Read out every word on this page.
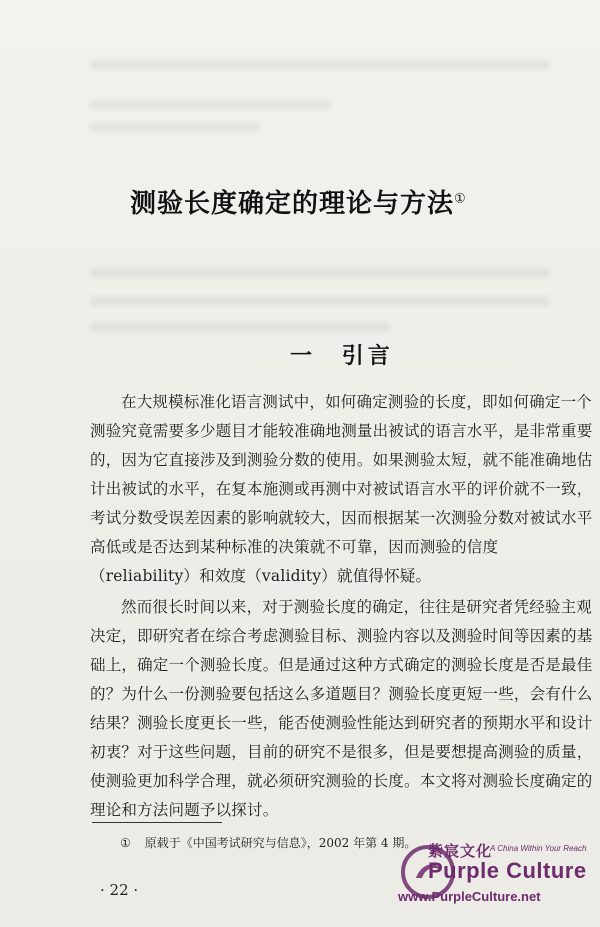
测验长度确定的理论与方法①
一 引言

在大规模标准化语言测试中，如何确定测验的长度，即如何确定一个测验究竟需要多少题目才能较准确地测量出被试的语言水平，是非常重要的，因为它直接涉及到测验分数的使用。如果测验太短，就不能准确地估计出被试的水平，在复本施测或再测中对被试语言水平的评价就不一致，考试分数受误差因素的影响就较大，因而根据某一次测验分数对被试水平高低或是否达到某种标准的决策就不可靠，因而测验的信度（reliability）和效度（validity）就值得怀疑。

然而很长时间以来，对于测验长度的确定，往往是研究者凭经验主观决定，即研究者在综合考虑测验目标、测验内容以及测验时间等因素的基础上，确定一个测验长度。但是通过这种方式确定的测验长度是否是最佳的？为什么一份测验要包括这么多道题目？测验长度更短一些，会有什么结果？测验长度更长一些，能否使测验性能达到研究者的预期水平和设计初衷？对于这些问题，目前的研究不是很多，但是要想提高测验的质量，使测验更加科学合理，就必须研究测验的长度。本文将对测验长度确定的理论和方法问题予以探讨。

① 原载于《中国考试研究与信息》，2002 年第 4 期。
· 22 ·
紫宸文化
A China Within Your Reach
Purple Culture
www.PurpleCulture.net
